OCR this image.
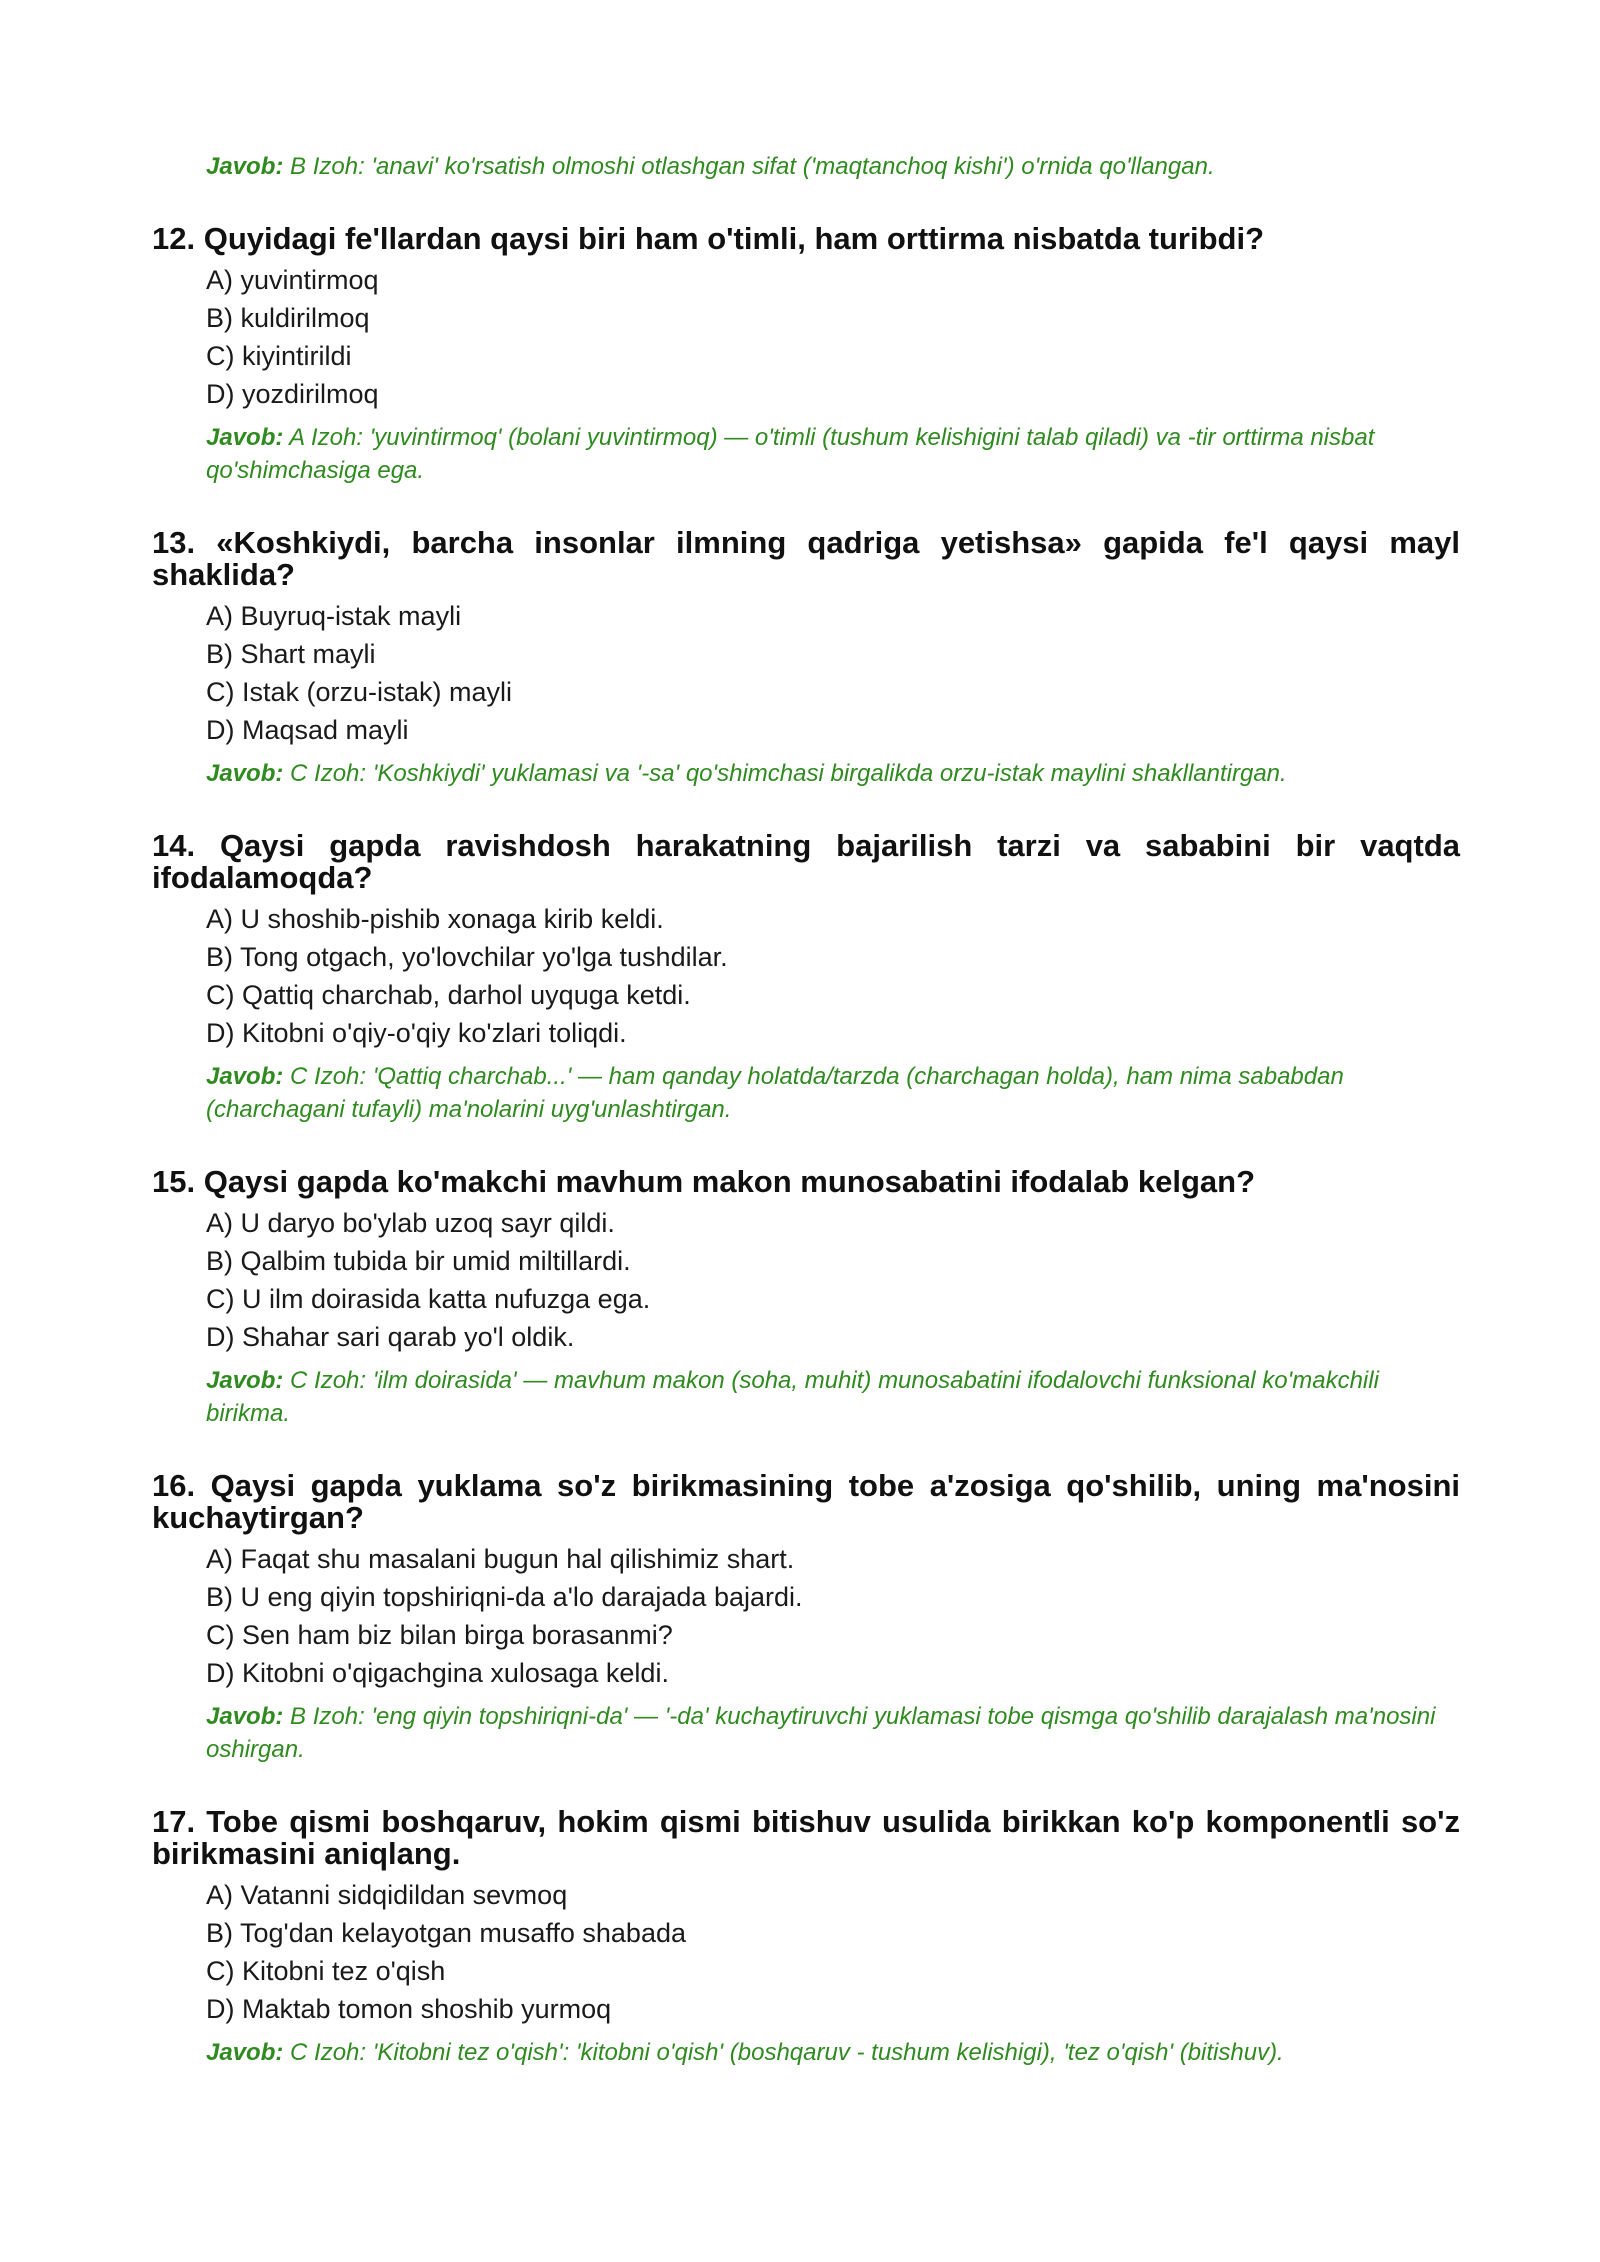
Javob: B Izoh: 'anavi' ko'rsatish olmoshi otlashgan sifat ('maqtanchoq kishi') o'rnida qo'llangan.
12. Quyidagi fe'llardan qaysi biri ham o'timli, ham orttirma nisbatda turibdi?
A) yuvintirmoq
B) kuldirilmoq
C) kiyintirildi
D) yozdirilmoq
Javob: A Izoh: 'yuvintirmoq' (bolani yuvintirmoq) — o'timli (tushum kelishigini talab qiladi) va -tir orttirma nisbat qo'shimchasiga ega.
13. «Koshkiydi, barcha insonlar ilmning qadriga yetishsa» gapida fe'l qaysi mayl shaklida?
A) Buyruq-istak mayli
B) Shart mayli
C) Istak (orzu-istak) mayli
D) Maqsad mayli
Javob: C Izoh: 'Koshkiydi' yuklamasi va '-sa' qo'shimchasi birgalikda orzu-istak maylini shakllantirgan.
14. Qaysi gapda ravishdosh harakatning bajarilish tarzi va sababini bir vaqtda ifodalamoqda?
A) U shoshib-pishib xonaga kirib keldi.
B) Tong otgach, yo'lovchilar yo'lga tushdilar.
C) Qattiq charchab, darhol uyquga ketdi.
D) Kitobni o'qiy-o'qiy ko'zlari toliqdi.
Javob: C Izoh: 'Qattiq charchab...' — ham qanday holatda/tarzda (charchagan holda), ham nima sababdan (charchagani tufayli) ma'nolarini uyg'unlashtirgan.
15. Qaysi gapda ko'makchi mavhum makon munosabatini ifodalab kelgan?
A) U daryo bo'ylab uzoq sayr qildi.
B) Qalbim tubida bir umid miltillardi.
C) U ilm doirasida katta nufuzga ega.
D) Shahar sari qarab yo'l oldik.
Javob: C Izoh: 'ilm doirasida' — mavhum makon (soha, muhit) munosabatini ifodalovchi funksional ko'makchili birikma.
16. Qaysi gapda yuklama so'z birikmasining tobe a'zosiga qo'shilib, uning ma'nosini kuchaytirgan?
A) Faqat shu masalani bugun hal qilishimiz shart.
B) U eng qiyin topshiriqni-da a'lo darajada bajardi.
C) Sen ham biz bilan birga borasanmi?
D) Kitobni o'qigachgina xulosaga keldi.
Javob: B Izoh: 'eng qiyin topshiriqni-da' — '-da' kuchaytiruvchi yuklamasi tobe qismga qo'shilib darajalash ma'nosini oshirgan.
17. Tobe qismi boshqaruv, hokim qismi bitishuv usulida birikkan ko'p komponentli so'z birikmasini aniqlang.
A) Vatanni sidqidildan sevmoq
B) Tog'dan kelayotgan musaffo shabada
C) Kitobni tez o'qish
D) Maktab tomon shoshib yurmoq
Javob: C Izoh: 'Kitobni tez o'qish': 'kitobni o'qish' (boshqaruv - tushum kelishigi), 'tez o'qish' (bitishuv).
